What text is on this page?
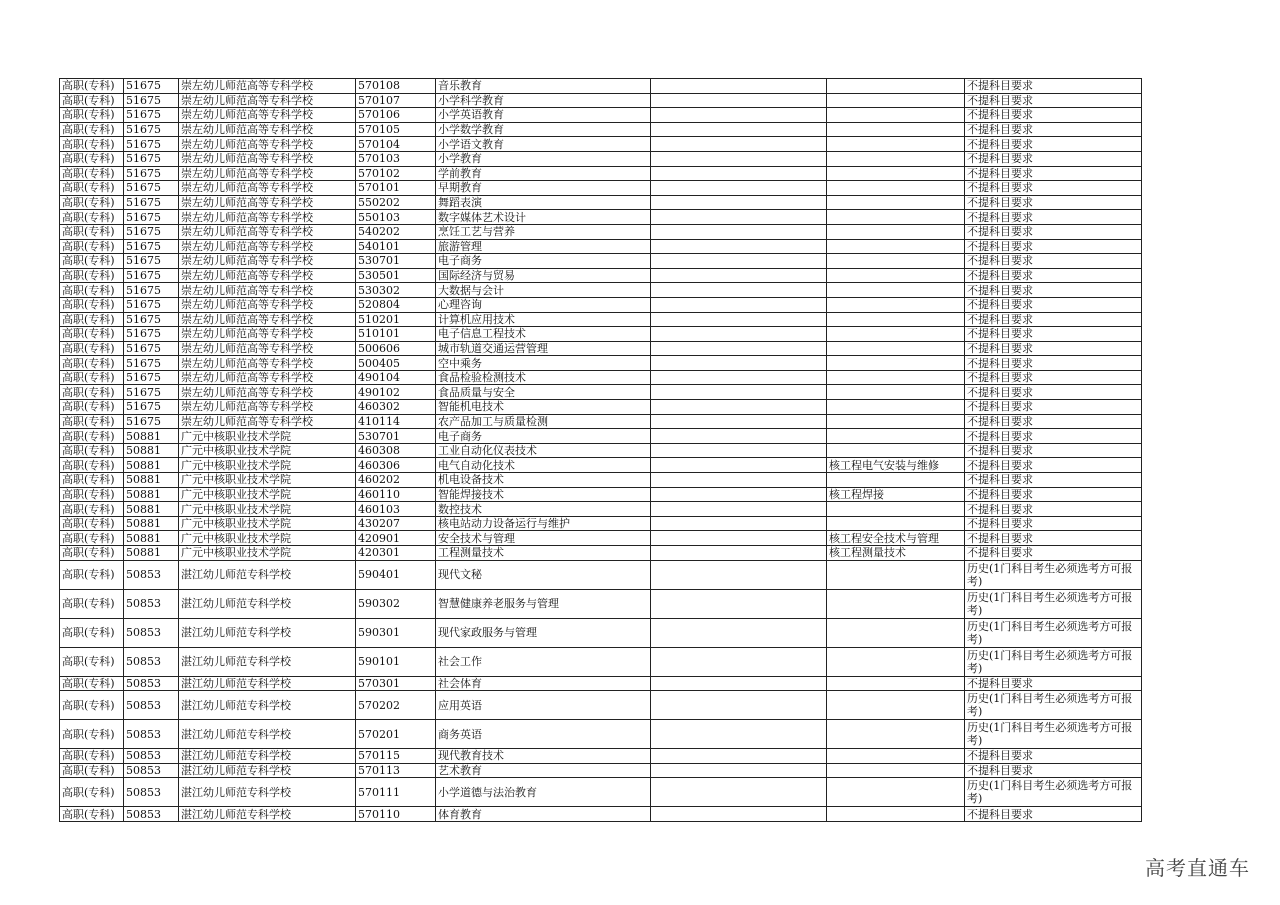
高职(专科)	51675	崇左幼儿师范高等专科学校	570108	音乐教育			不提科目要求
高职(专科)	51675	崇左幼儿师范高等专科学校	570107	小学科学教育			不提科目要求
高职(专科)	51675	崇左幼儿师范高等专科学校	570106	小学英语教育			不提科目要求
高职(专科)	51675	崇左幼儿师范高等专科学校	570105	小学数学教育			不提科目要求
高职(专科)	51675	崇左幼儿师范高等专科学校	570104	小学语文教育			不提科目要求
高职(专科)	51675	崇左幼儿师范高等专科学校	570103	小学教育			不提科目要求
高职(专科)	51675	崇左幼儿师范高等专科学校	570102	学前教育			不提科目要求
高职(专科)	51675	崇左幼儿师范高等专科学校	570101	早期教育			不提科目要求
高职(专科)	51675	崇左幼儿师范高等专科学校	550202	舞蹈表演			不提科目要求
高职(专科)	51675	崇左幼儿师范高等专科学校	550103	数字媒体艺术设计			不提科目要求
高职(专科)	51675	崇左幼儿师范高等专科学校	540202	烹饪工艺与营养			不提科目要求
高职(专科)	51675	崇左幼儿师范高等专科学校	540101	旅游管理			不提科目要求
高职(专科)	51675	崇左幼儿师范高等专科学校	530701	电子商务			不提科目要求
高职(专科)	51675	崇左幼儿师范高等专科学校	530501	国际经济与贸易			不提科目要求
高职(专科)	51675	崇左幼儿师范高等专科学校	530302	大数据与会计			不提科目要求
高职(专科)	51675	崇左幼儿师范高等专科学校	520804	心理咨询			不提科目要求
高职(专科)	51675	崇左幼儿师范高等专科学校	510201	计算机应用技术			不提科目要求
高职(专科)	51675	崇左幼儿师范高等专科学校	510101	电子信息工程技术			不提科目要求
高职(专科)	51675	崇左幼儿师范高等专科学校	500606	城市轨道交通运营管理			不提科目要求
高职(专科)	51675	崇左幼儿师范高等专科学校	500405	空中乘务			不提科目要求
高职(专科)	51675	崇左幼儿师范高等专科学校	490104	食品检验检测技术			不提科目要求
高职(专科)	51675	崇左幼儿师范高等专科学校	490102	食品质量与安全			不提科目要求
高职(专科)	51675	崇左幼儿师范高等专科学校	460302	智能机电技术			不提科目要求
高职(专科)	51675	崇左幼儿师范高等专科学校	410114	农产品加工与质量检测			不提科目要求
高职(专科)	50881	广元中核职业技术学院	530701	电子商务			不提科目要求
高职(专科)	50881	广元中核职业技术学院	460308	工业自动化仪表技术			不提科目要求
高职(专科)	50881	广元中核职业技术学院	460306	电气自动化技术		核工程电气安装与维修	不提科目要求
高职(专科)	50881	广元中核职业技术学院	460202	机电设备技术			不提科目要求
高职(专科)	50881	广元中核职业技术学院	460110	智能焊接技术		核工程焊接	不提科目要求
高职(专科)	50881	广元中核职业技术学院	460103	数控技术			不提科目要求
高职(专科)	50881	广元中核职业技术学院	430207	核电站动力设备运行与维护			不提科目要求
高职(专科)	50881	广元中核职业技术学院	420901	安全技术与管理		核工程安全技术与管理	不提科目要求
高职(专科)	50881	广元中核职业技术学院	420301	工程测量技术		核工程测量技术	不提科目要求
高职(专科)	50853	湛江幼儿师范专科学校	590401	现代文秘			历史(1门科目考生必须选考方可报考)
高职(专科)	50853	湛江幼儿师范专科学校	590302	智慧健康养老服务与管理			历史(1门科目考生必须选考方可报考)
高职(专科)	50853	湛江幼儿师范专科学校	590301	现代家政服务与管理			历史(1门科目考生必须选考方可报考)
高职(专科)	50853	湛江幼儿师范专科学校	590101	社会工作			历史(1门科目考生必须选考方可报考)
高职(专科)	50853	湛江幼儿师范专科学校	570301	社会体育			不提科目要求
高职(专科)	50853	湛江幼儿师范专科学校	570202	应用英语			历史(1门科目考生必须选考方可报考)
高职(专科)	50853	湛江幼儿师范专科学校	570201	商务英语			历史(1门科目考生必须选考方可报考)
高职(专科)	50853	湛江幼儿师范专科学校	570115	现代教育技术			不提科目要求
高职(专科)	50853	湛江幼儿师范专科学校	570113	艺术教育			不提科目要求
高职(专科)	50853	湛江幼儿师范专科学校	570111	小学道德与法治教育			历史(1门科目考生必须选考方可报考)
高职(专科)	50853	湛江幼儿师范专科学校	570110	体育教育			不提科目要求
高考直通车
